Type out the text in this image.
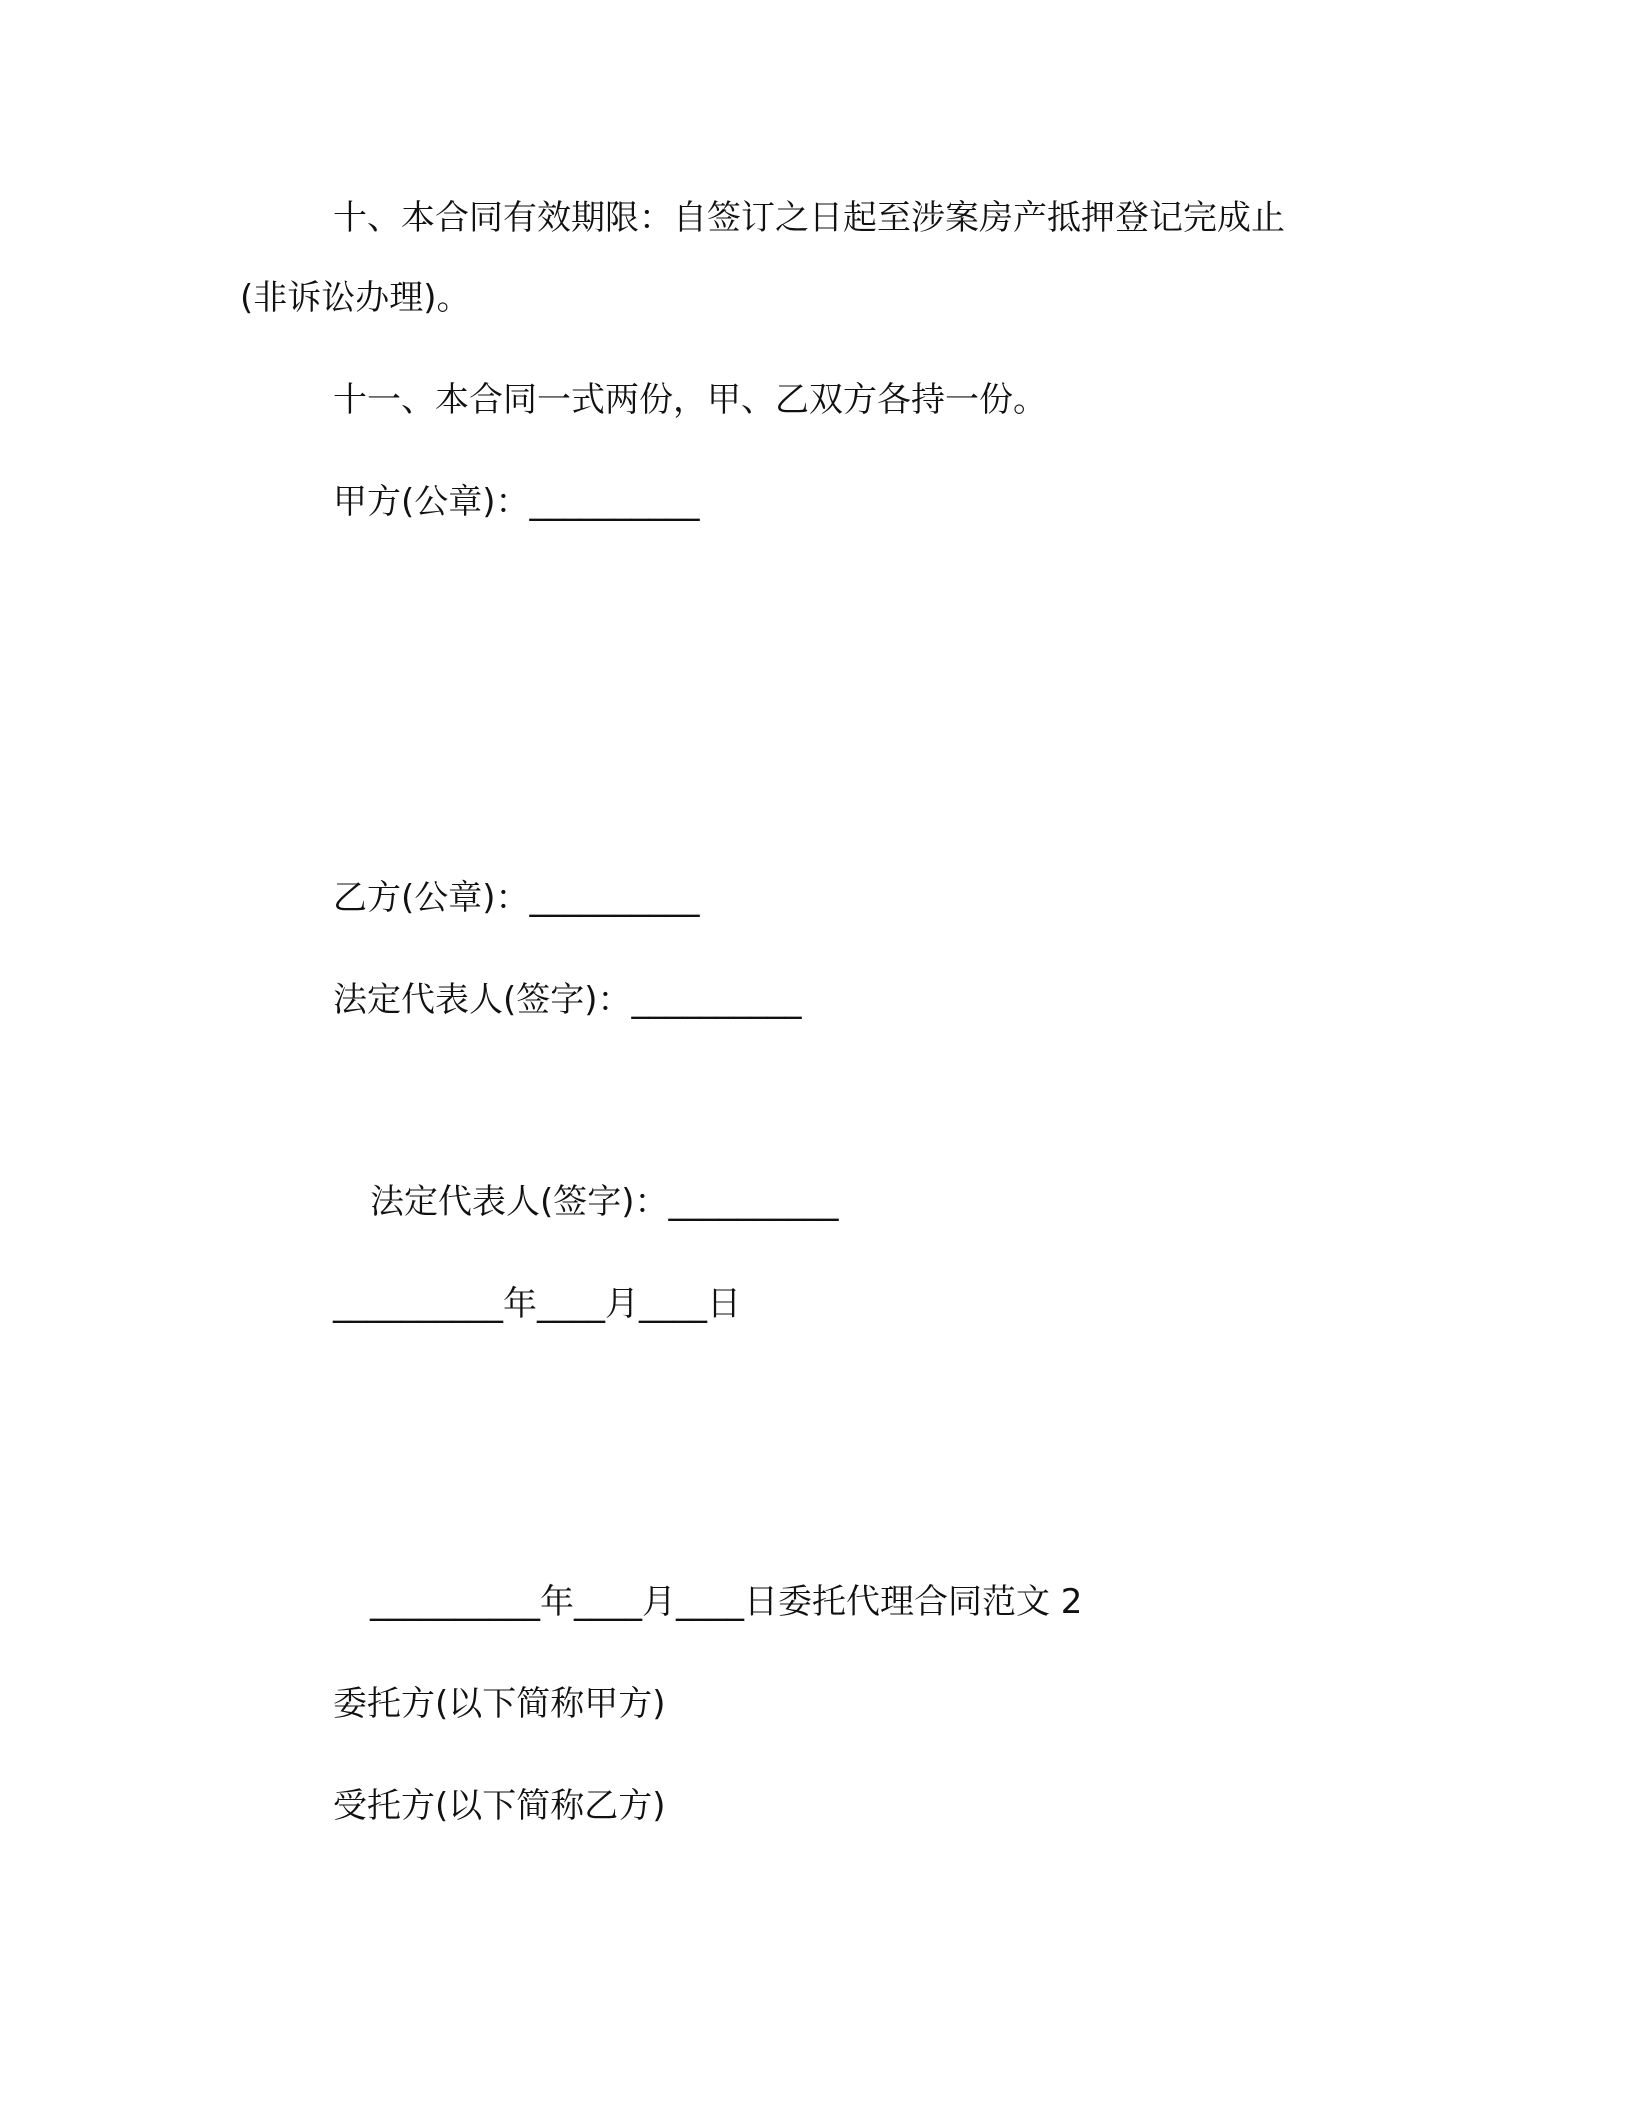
十、本合同有效期限：自签订之日起至涉案房产抵押登记完成止
(非诉讼办理)。
十一、本合同一式两份，甲、乙双方各持一份。
甲方(公章)：__________
乙方(公章)：__________
法定代表人(签字)：__________
法定代表人(签字)：__________
__________年____月____日
__________年____月____日委托代理合同范文 2
委托方(以下简称甲方)
受托方(以下简称乙方)
